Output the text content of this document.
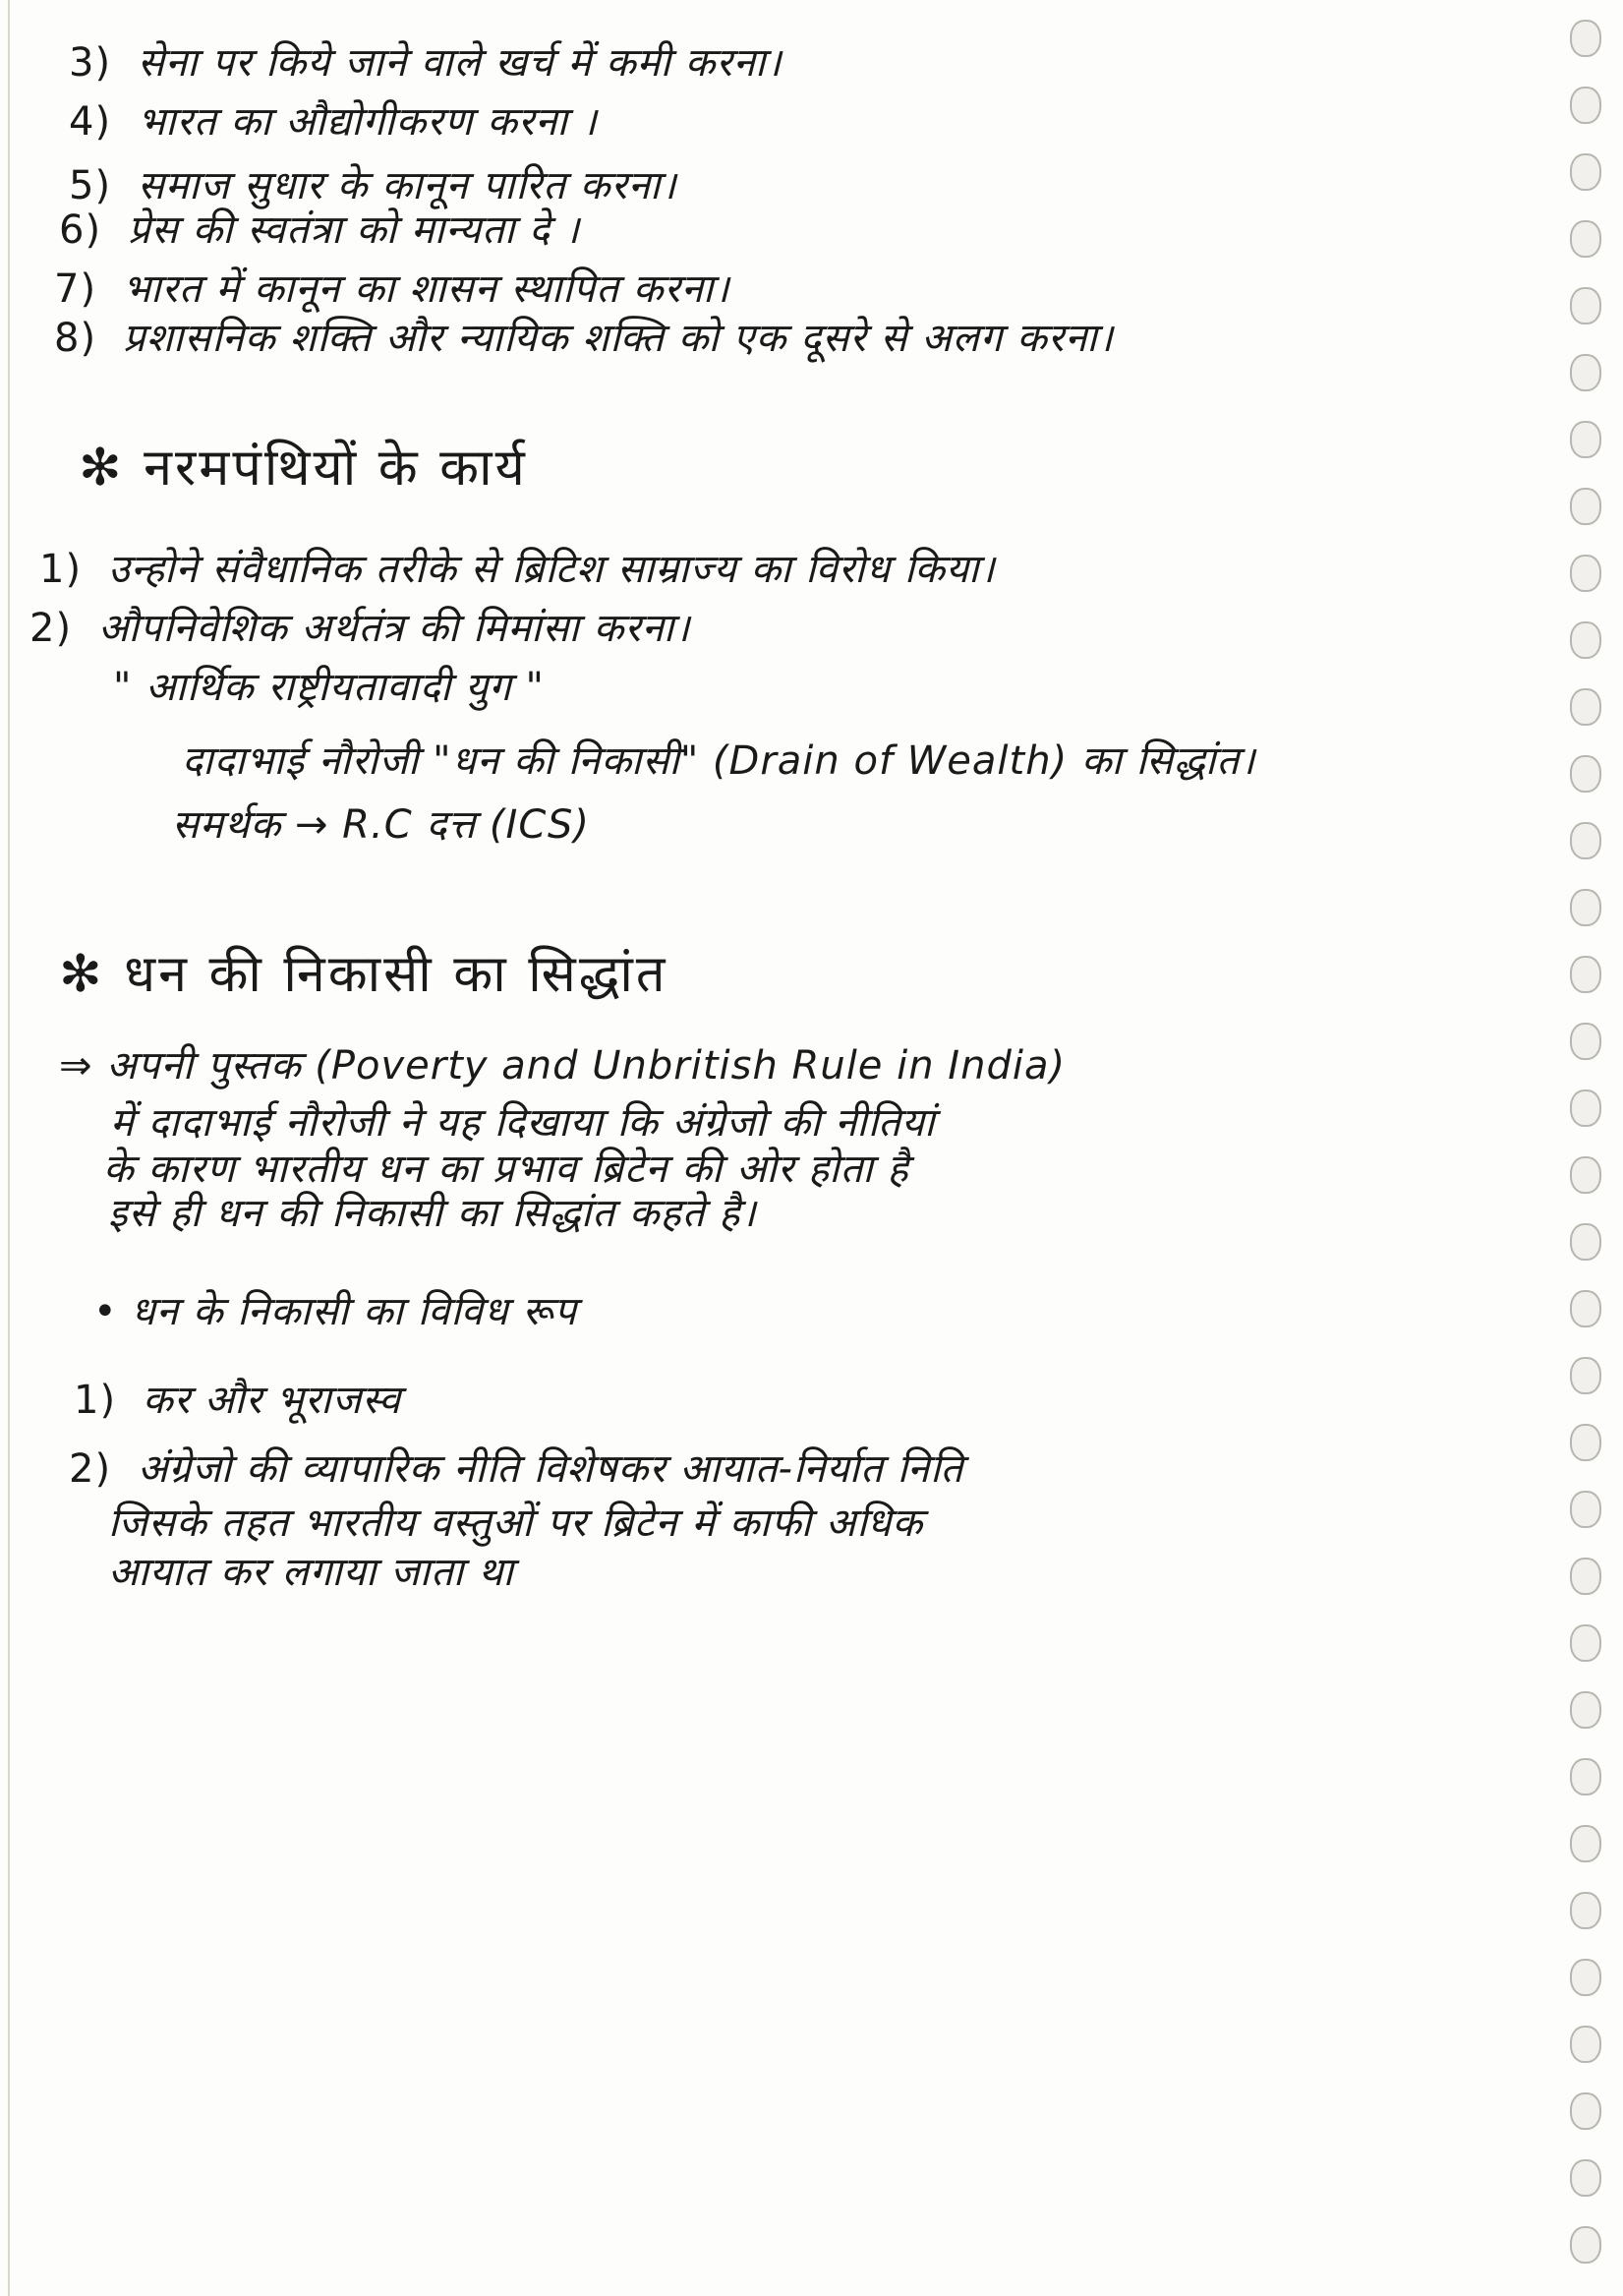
3) सेना पर किये जाने वाले खर्च में कमी करना।
4) भारत का औद्योगीकरण करना ।
5) समाज सुधार के कानून पारित करना।
6) प्रेस की स्वतंत्रा को मान्यता दे ।
7) भारत में कानून का शासन स्थापित करना।
8) प्रशासनिक शक्ति और न्यायिक शक्ति को एक दूसरे से अलग करना।
✻ नरमपंथियों के कार्य
1) उन्होने संवैधानिक तरीके से ब्रिटिश साम्राज्य का विरोध किया।
2) औपनिवेशिक अर्थतंत्र की मिमांसा करना।
" आर्थिक राष्ट्रीयतावादी युग "
दादाभाई नौरोजी "धन की निकासी" (Drain of Wealth) का सिद्धांत।
समर्थक → R.C दत्त (ICS)
✻ धन की निकासी का सिद्धांत
⇒ अपनी पुस्तक (Poverty and Unbritish Rule in India)
में दादाभाई नौरोजी ने यह दिखाया कि अंग्रेजो की नीतियां
के कारण भारतीय धन का प्रभाव ब्रिटेन की ओर होता है
इसे ही धन की निकासी का सिद्धांत कहते है।
• धन के निकासी का विविध रूप
1) कर और भूराजस्व
2) अंग्रेजो की व्यापारिक नीति विशेषकर आयात-निर्यात निति
जिसके तहत भारतीय वस्तुओं पर ब्रिटेन में काफी अधिक
आयात कर लगाया जाता था
